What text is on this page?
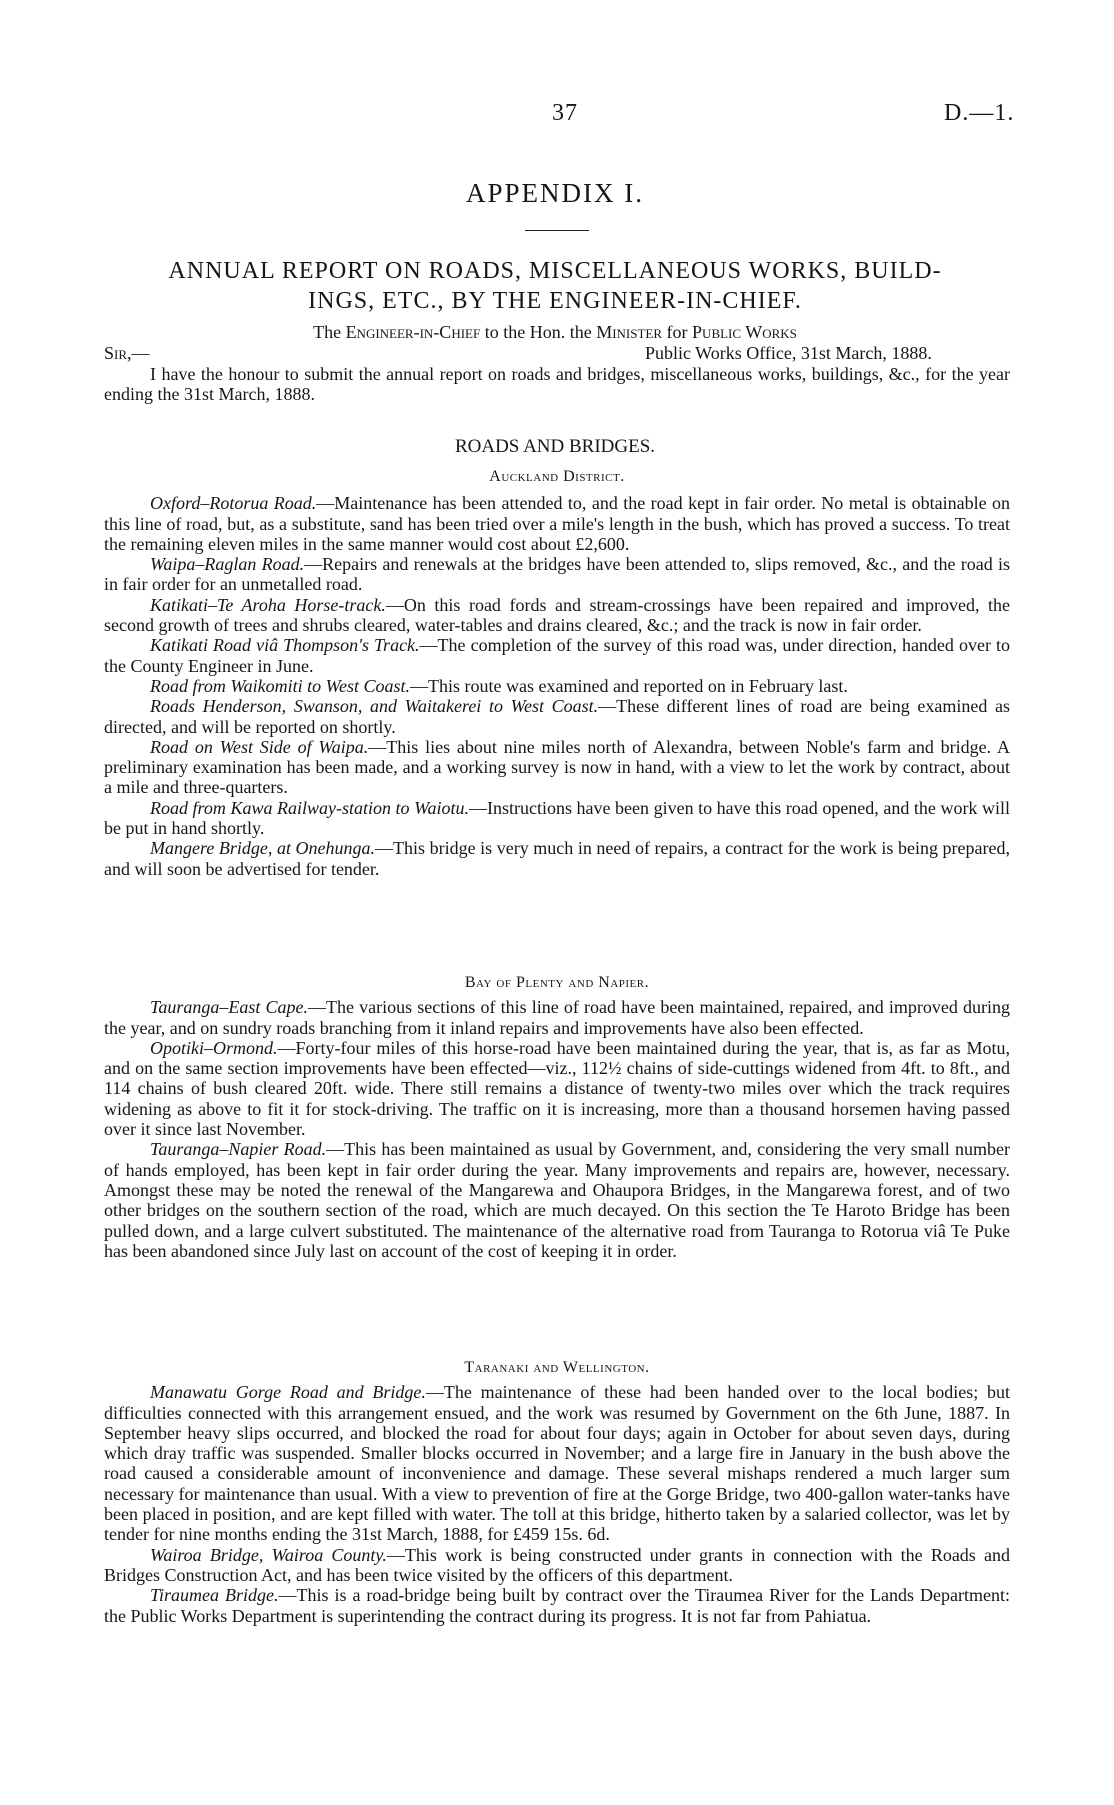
37	D.—1.
APPENDIX I.
ANNUAL REPORT ON ROADS, MISCELLANEOUS WORKS, BUILD-
INGS, ETC., BY THE ENGINEER-IN-CHIEF.
The Engineer-in-Chief to the Hon. the Minister for Public Works
Sir,—	Public Works Office, 31st March, 1888.

I have the honour to submit the annual report on roads and bridges, miscellaneous works, buildings, &c., for the year ending the 31st March, 1888.

ROADS AND BRIDGES.
Auckland District.

Oxford–Rotorua Road.—Maintenance has been attended to, and the road kept in fair order. No metal is obtainable on this line of road, but, as a substitute, sand has been tried over a mile's length in the bush, which has proved a success. To treat the remaining eleven miles in the same manner would cost about £2,600.

Waipa–Raglan Road.—Repairs and renewals at the bridges have been attended to, slips removed, &c., and the road is in fair order for an unmetalled road.

Katikati–Te Aroha Horse-track.—On this road fords and stream-crossings have been repaired and improved, the second growth of trees and shrubs cleared, water-tables and drains cleared, &c.; and the track is now in fair order.

Katikati Road viâ Thompson's Track.—The completion of the survey of this road was, under direction, handed over to the County Engineer in June.

Road from Waikomiti to West Coast.—This route was examined and reported on in February last.

Roads Henderson, Swanson, and Waitakerei to West Coast.—These different lines of road are being examined as directed, and will be reported on shortly.

Road on West Side of Waipa.—This lies about nine miles north of Alexandra, between Noble's farm and bridge. A preliminary examination has been made, and a working survey is now in hand, with a view to let the work by contract, about a mile and three-quarters.

Road from Kawa Railway-station to Waiotu.—Instructions have been given to have this road opened, and the work will be put in hand shortly.

Mangere Bridge, at Onehunga.—This bridge is very much in need of repairs, a contract for the work is being prepared, and will soon be advertised for tender.

Bay of Plenty and Napier.

Tauranga–East Cape.—The various sections of this line of road have been maintained, repaired, and improved during the year, and on sundry roads branching from it inland repairs and improvements have also been effected.

Opotiki–Ormond.—Forty-four miles of this horse-road have been maintained during the year, that is, as far as Motu, and on the same section improvements have been effected—viz., 112½ chains of side-cuttings widened from 4ft. to 8ft., and 114 chains of bush cleared 20ft. wide. There still remains a distance of twenty-two miles over which the track requires widening as above to fit it for stock-driving. The traffic on it is increasing, more than a thousand horsemen having passed over it since last November.

Tauranga–Napier Road.—This has been maintained as usual by Government, and, considering the very small number of hands employed, has been kept in fair order during the year. Many improvements and repairs are, however, necessary. Amongst these may be noted the renewal of the Mangarewa and Ohaupora Bridges, in the Mangarewa forest, and of two other bridges on the southern section of the road, which are much decayed. On this section the Te Haroto Bridge has been pulled down, and a large culvert substituted. The maintenance of the alternative road from Tauranga to Rotorua viâ Te Puke has been abandoned since July last on account of the cost of keeping it in order.

Taranaki and Wellington.

Manawatu Gorge Road and Bridge.—The maintenance of these had been handed over to the local bodies; but difficulties connected with this arrangement ensued, and the work was resumed by Government on the 6th June, 1887. In September heavy slips occurred, and blocked the road for about four days; again in October for about seven days, during which dray traffic was suspended. Smaller blocks occurred in November; and a large fire in January in the bush above the road caused a considerable amount of inconvenience and damage. These several mishaps rendered a much larger sum necessary for maintenance than usual. With a view to prevention of fire at the Gorge Bridge, two 400-gallon water-tanks have been placed in position, and are kept filled with water. The toll at this bridge, hitherto taken by a salaried collector, was let by tender for nine months ending the 31st March, 1888, for £459 15s. 6d.

Wairoa Bridge, Wairoa County.—This work is being constructed under grants in connection with the Roads and Bridges Construction Act, and has been twice visited by the officers of this department.

Tiraumea Bridge.—This is a road-bridge being built by contract over the Tiraumea River for the Lands Department: the Public Works Department is superintending the contract during its progress. It is not far from Pahiatua.
